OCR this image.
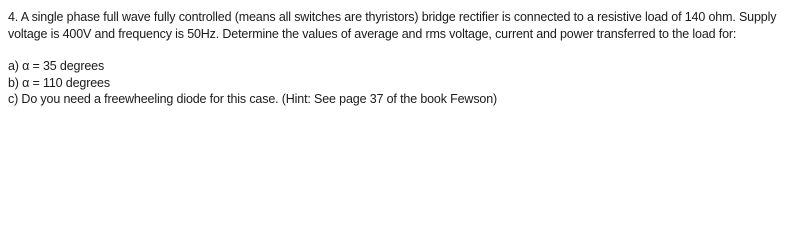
4. A single phase full wave fully controlled (means all switches are thyristors) bridge rectifier is connected to a resistive load of 140 ohm. Supply voltage is 400V and frequency is 50Hz. Determine the values of average and rms voltage, current and power transferred to the load for:

a) α = 35 degrees

b) α = 110 degrees

c) Do you need a freewheeling diode for this case. (Hint: See page 37 of the book Fewson)
